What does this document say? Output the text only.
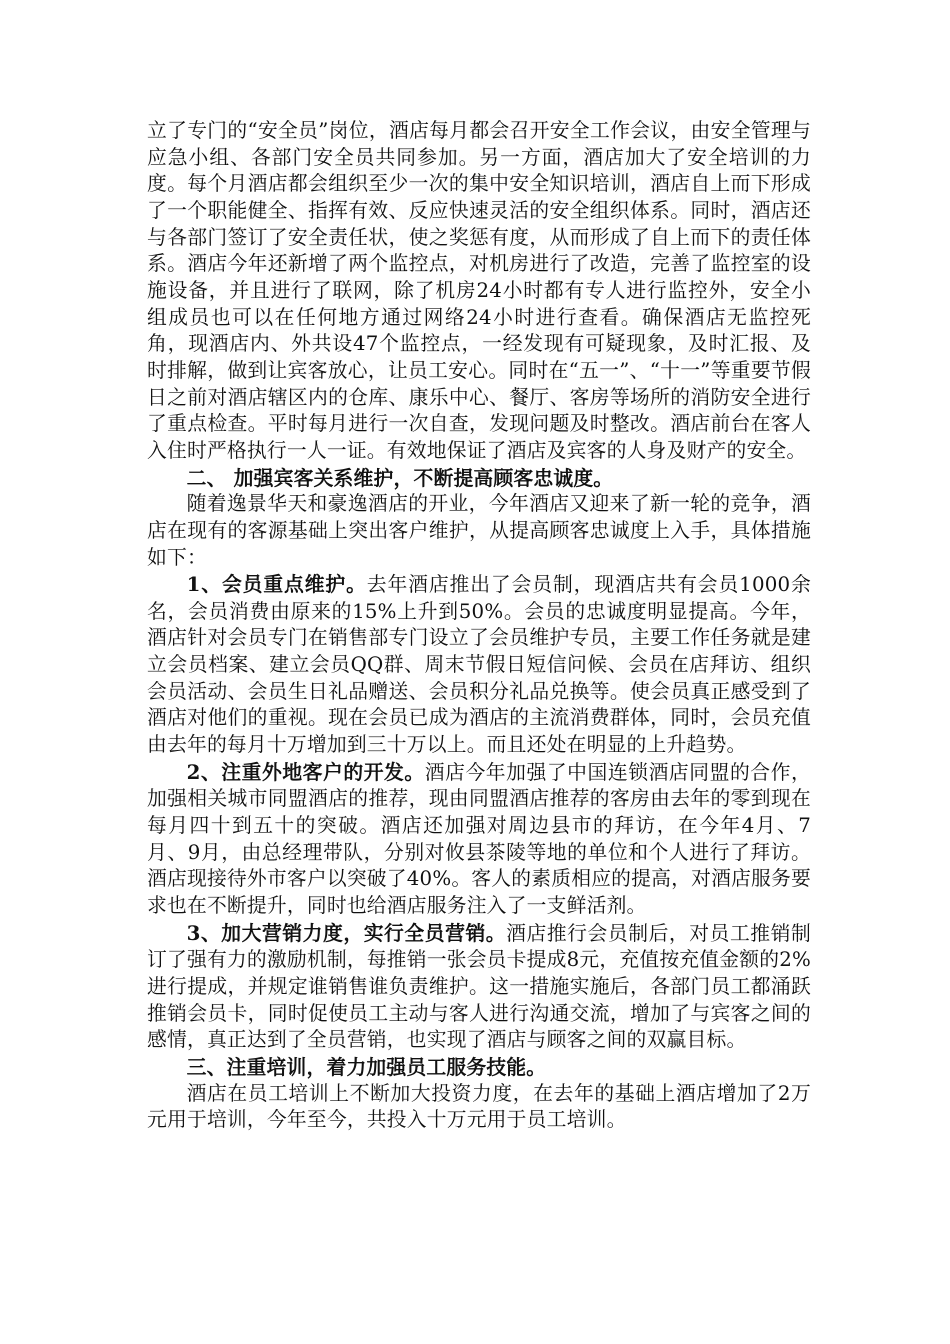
立了专门的“安全员”岗位，酒店每月都会召开安全工作会议，由安全管理与应急小组、各部门安全员共同参加。另一方面，酒店加大了安全培训的力度。每个月酒店都会组织至少一次的集中安全知识培训，酒店自上而下形成了一个职能健全、指挥有效、反应快速灵活的安全组织体系。同时，酒店还与各部门签订了安全责任状，使之奖惩有度，从而形成了自上而下的责任体系。酒店今年还新增了两个监控点，对机房进行了改造，完善了监控室的设施设备，并且进行了联网，除了机房24小时都有专人进行监控外，安全小组成员也可以在任何地方通过网络24小时进行查看。确保酒店无监控死角，现酒店内、外共设47个监控点，一经发现有可疑现象，及时汇报、及时排解，做到让宾客放心，让员工安心。同时在“五一”、“十一”等重要节假日之前对酒店辖区内的仓库、康乐中心、餐厅、客房等场所的消防安全进行了重点检查。平时每月进行一次自查，发现问题及时整改。酒店前台在客人入住时严格执行一人一证。有效地保证了酒店及宾客的人身及财产的安全。

二、 加强宾客关系维护，不断提高顾客忠诚度。

随着逸景华天和豪逸酒店的开业，今年酒店又迎来了新一轮的竞争，酒店在现有的客源基础上突出客户维护，从提高顾客忠诚度上入手，具体措施如下：

1、会员重点维护。去年酒店推出了会员制，现酒店共有会员1000余名，会员消费由原来的15%上升到50%。会员的忠诚度明显提高。今年，酒店针对会员专门在销售部专门设立了会员维护专员，主要工作任务就是建立会员档案、建立会员QQ群、周末节假日短信问候、会员在店拜访、组织会员活动、会员生日礼品赠送、会员积分礼品兑换等。使会员真正感受到了酒店对他们的重视。现在会员已成为酒店的主流消费群体，同时，会员充值由去年的每月十万增加到三十万以上。而且还处在明显的上升趋势。

2、注重外地客户的开发。酒店今年加强了中国连锁酒店同盟的合作，加强相关城市同盟酒店的推荐，现由同盟酒店推荐的客房由去年的零到现在每月四十到五十的突破。酒店还加强对周边县市的拜访，在今年4月、7月、9月，由总经理带队，分别对攸县茶陵等地的单位和个人进行了拜访。酒店现接待外市客户以突破了40%。客人的素质相应的提高，对酒店服务要求也在不断提升，同时也给酒店服务注入了一支鲜活剂。

3、加大营销力度，实行全员营销。酒店推行会员制后，对员工推销制订了强有力的激励机制，每推销一张会员卡提成8元，充值按充值金额的2%进行提成，并规定谁销售谁负责维护。这一措施实施后，各部门员工都涌跃推销会员卡，同时促使员工主动与客人进行沟通交流，增加了与宾客之间的感情，真正达到了全员营销，也实现了酒店与顾客之间的双赢目标。

三、注重培训，着力加强员工服务技能。

酒店在员工培训上不断加大投资力度，在去年的基础上酒店增加了2万元用于培训，今年至今，共投入十万元用于员工培训。
